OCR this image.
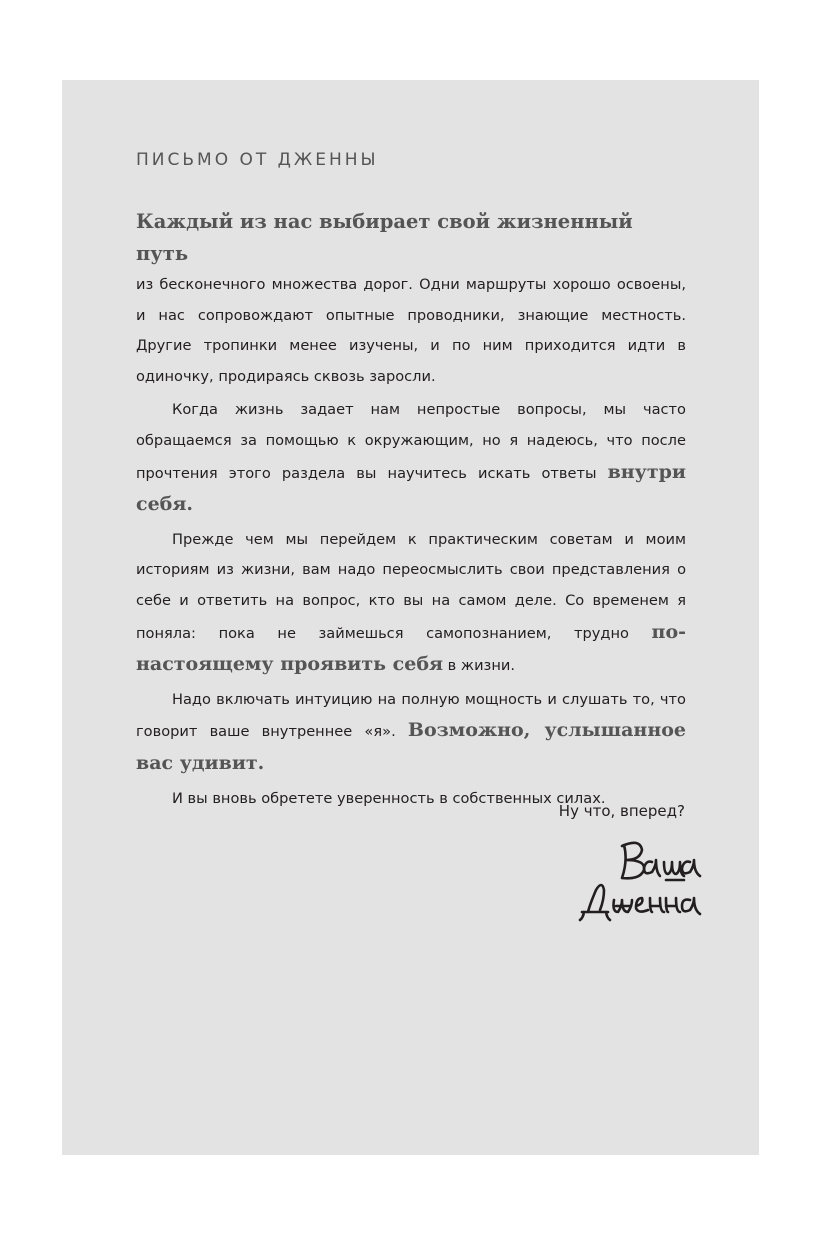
ПИСЬМО ОТ ДЖЕННЫ

Каждый из нас выбирает свой жизненный путь
из бесконечного множества дорог. Одни маршруты хорошо освоены, и нас сопровождают опытные проводники, знающие местность. Другие тропинки менее изучены, и по ним приходится идти в одиночку, продираясь сквозь заросли.

Когда жизнь задает нам непростые вопросы, мы часто обращаемся за помощью к окружающим, но я надеюсь, что после прочтения этого раздела вы научитесь искать ответы внутри себя.

Прежде чем мы перейдем к практическим советам и моим историям из жизни, вам надо переосмыслить свои представления о себе и ответить на вопрос, кто вы на самом деле. Со временем я поняла: пока не займешься самопознанием, трудно по-настоящему проявить себя в жизни.

Надо включать интуицию на полную мощность и слушать то, что говорит ваше внутреннее «я». Возможно, услышанное вас удивит.

И вы вновь обретете уверенность в собственных силах.

Ну что, вперед?
